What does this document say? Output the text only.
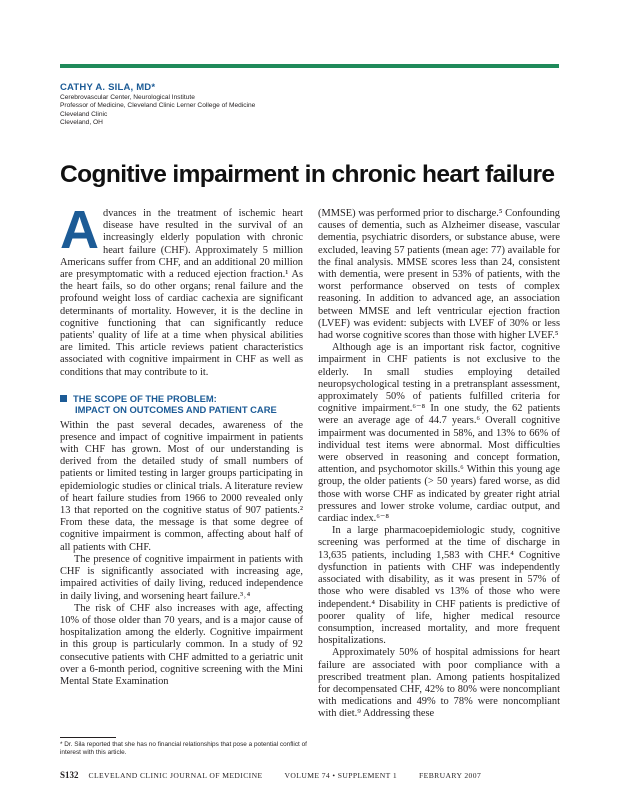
CATHY A. SILA, MD*
Cerebrovascular Center, Neurological Institute
Professor of Medicine, Cleveland Clinic Lerner College of Medicine
Cleveland Clinic
Cleveland, OH
Cognitive impairment in chronic heart failure

Advances in the treatment of ischemic heart disease have resulted in the survival of an increasingly elderly population with chronic heart failure (CHF). Approximately 5 million Americans suffer from CHF, and an additional 20 million are presymptomatic with a reduced ejection fraction.¹ As the heart fails, so do other organs; renal failure and the profound weight loss of cardiac cachexia are significant determinants of mortality. However, it is the decline in cognitive functioning that can significantly reduce patients' quality of life at a time when physical abilities are limited. This article reviews patient characteristics associated with cognitive impairment in CHF as well as conditions that may contribute to it.

THE SCOPE OF THE PROBLEM:
IMPACT ON OUTCOMES AND PATIENT CARE

Within the past several decades, awareness of the presence and impact of cognitive impairment in patients with CHF has grown. Most of our understanding is derived from the detailed study of small numbers of patients or limited testing in larger groups participating in epidemiologic studies or clinical trials. A literature review of heart failure studies from 1966 to 2000 revealed only 13 that reported on the cognitive status of 907 patients.² From these data, the message is that some degree of cognitive impairment is common, affecting about half of all patients with CHF.

The presence of cognitive impairment in patients with CHF is significantly associated with increasing age, impaired activities of daily living, reduced independence in daily living, and worsening heart failure.³˒⁴

The risk of CHF also increases with age, affecting 10% of those older than 70 years, and is a major cause of hospitalization among the elderly. Cognitive impairment in this group is particularly common. In a study of 92 consecutive patients with CHF admitted to a geriatric unit over a 6-month period, cognitive screening with the Mini Mental State Examination

(MMSE) was performed prior to discharge.⁵ Confounding causes of dementia, such as Alzheimer disease, vascular dementia, psychiatric disorders, or substance abuse, were excluded, leaving 57 patients (mean age: 77) available for the final analysis. MMSE scores less than 24, consistent with dementia, were present in 53% of patients, with the worst performance observed on tests of complex reasoning. In addition to advanced age, an association between MMSE and left ventricular ejection fraction (LVEF) was evident: subjects with LVEF of 30% or less had worse cognitive scores than those with higher LVEF.⁵

Although age is an important risk factor, cognitive impairment in CHF patients is not exclusive to the elderly. In small studies employing detailed neuropsychological testing in a pretransplant assessment, approximately 50% of patients fulfilled criteria for cognitive impairment.⁶⁻⁸ In one study, the 62 patients were an average age of 44.7 years.⁶ Overall cognitive impairment was documented in 58%, and 13% to 66% of individual test items were abnormal. Most difficulties were observed in reasoning and concept formation, attention, and psychomotor skills.⁶ Within this young age group, the older patients (> 50 years) fared worse, as did those with worse CHF as indicated by greater right atrial pressures and lower stroke volume, cardiac output, and cardiac index.⁶⁻⁸

In a large pharmacoepidemiologic study, cognitive screening was performed at the time of discharge in 13,635 patients, including 1,583 with CHF.⁴ Cognitive dysfunction in patients with CHF was independently associated with disability, as it was present in 57% of those who were disabled vs 13% of those who were independent.⁴ Disability in CHF patients is predictive of poorer quality of life, higher medical resource consumption, increased mortality, and more frequent hospitalizations.

Approximately 50% of hospital admissions for heart failure are associated with poor compliance with a prescribed treatment plan. Among patients hospitalized for decompensated CHF, 42% to 80% were noncompliant with medications and 49% to 78% were noncompliant with diet.⁹ Addressing these

* Dr. Sila reported that she has no financial relationships that pose a potential conflict of interest with this article.
S132 CLEVELAND CLINIC JOURNAL OF MEDICINE	VOLUME 74 • SUPPLEMENT 1	FEBRUARY 2007
